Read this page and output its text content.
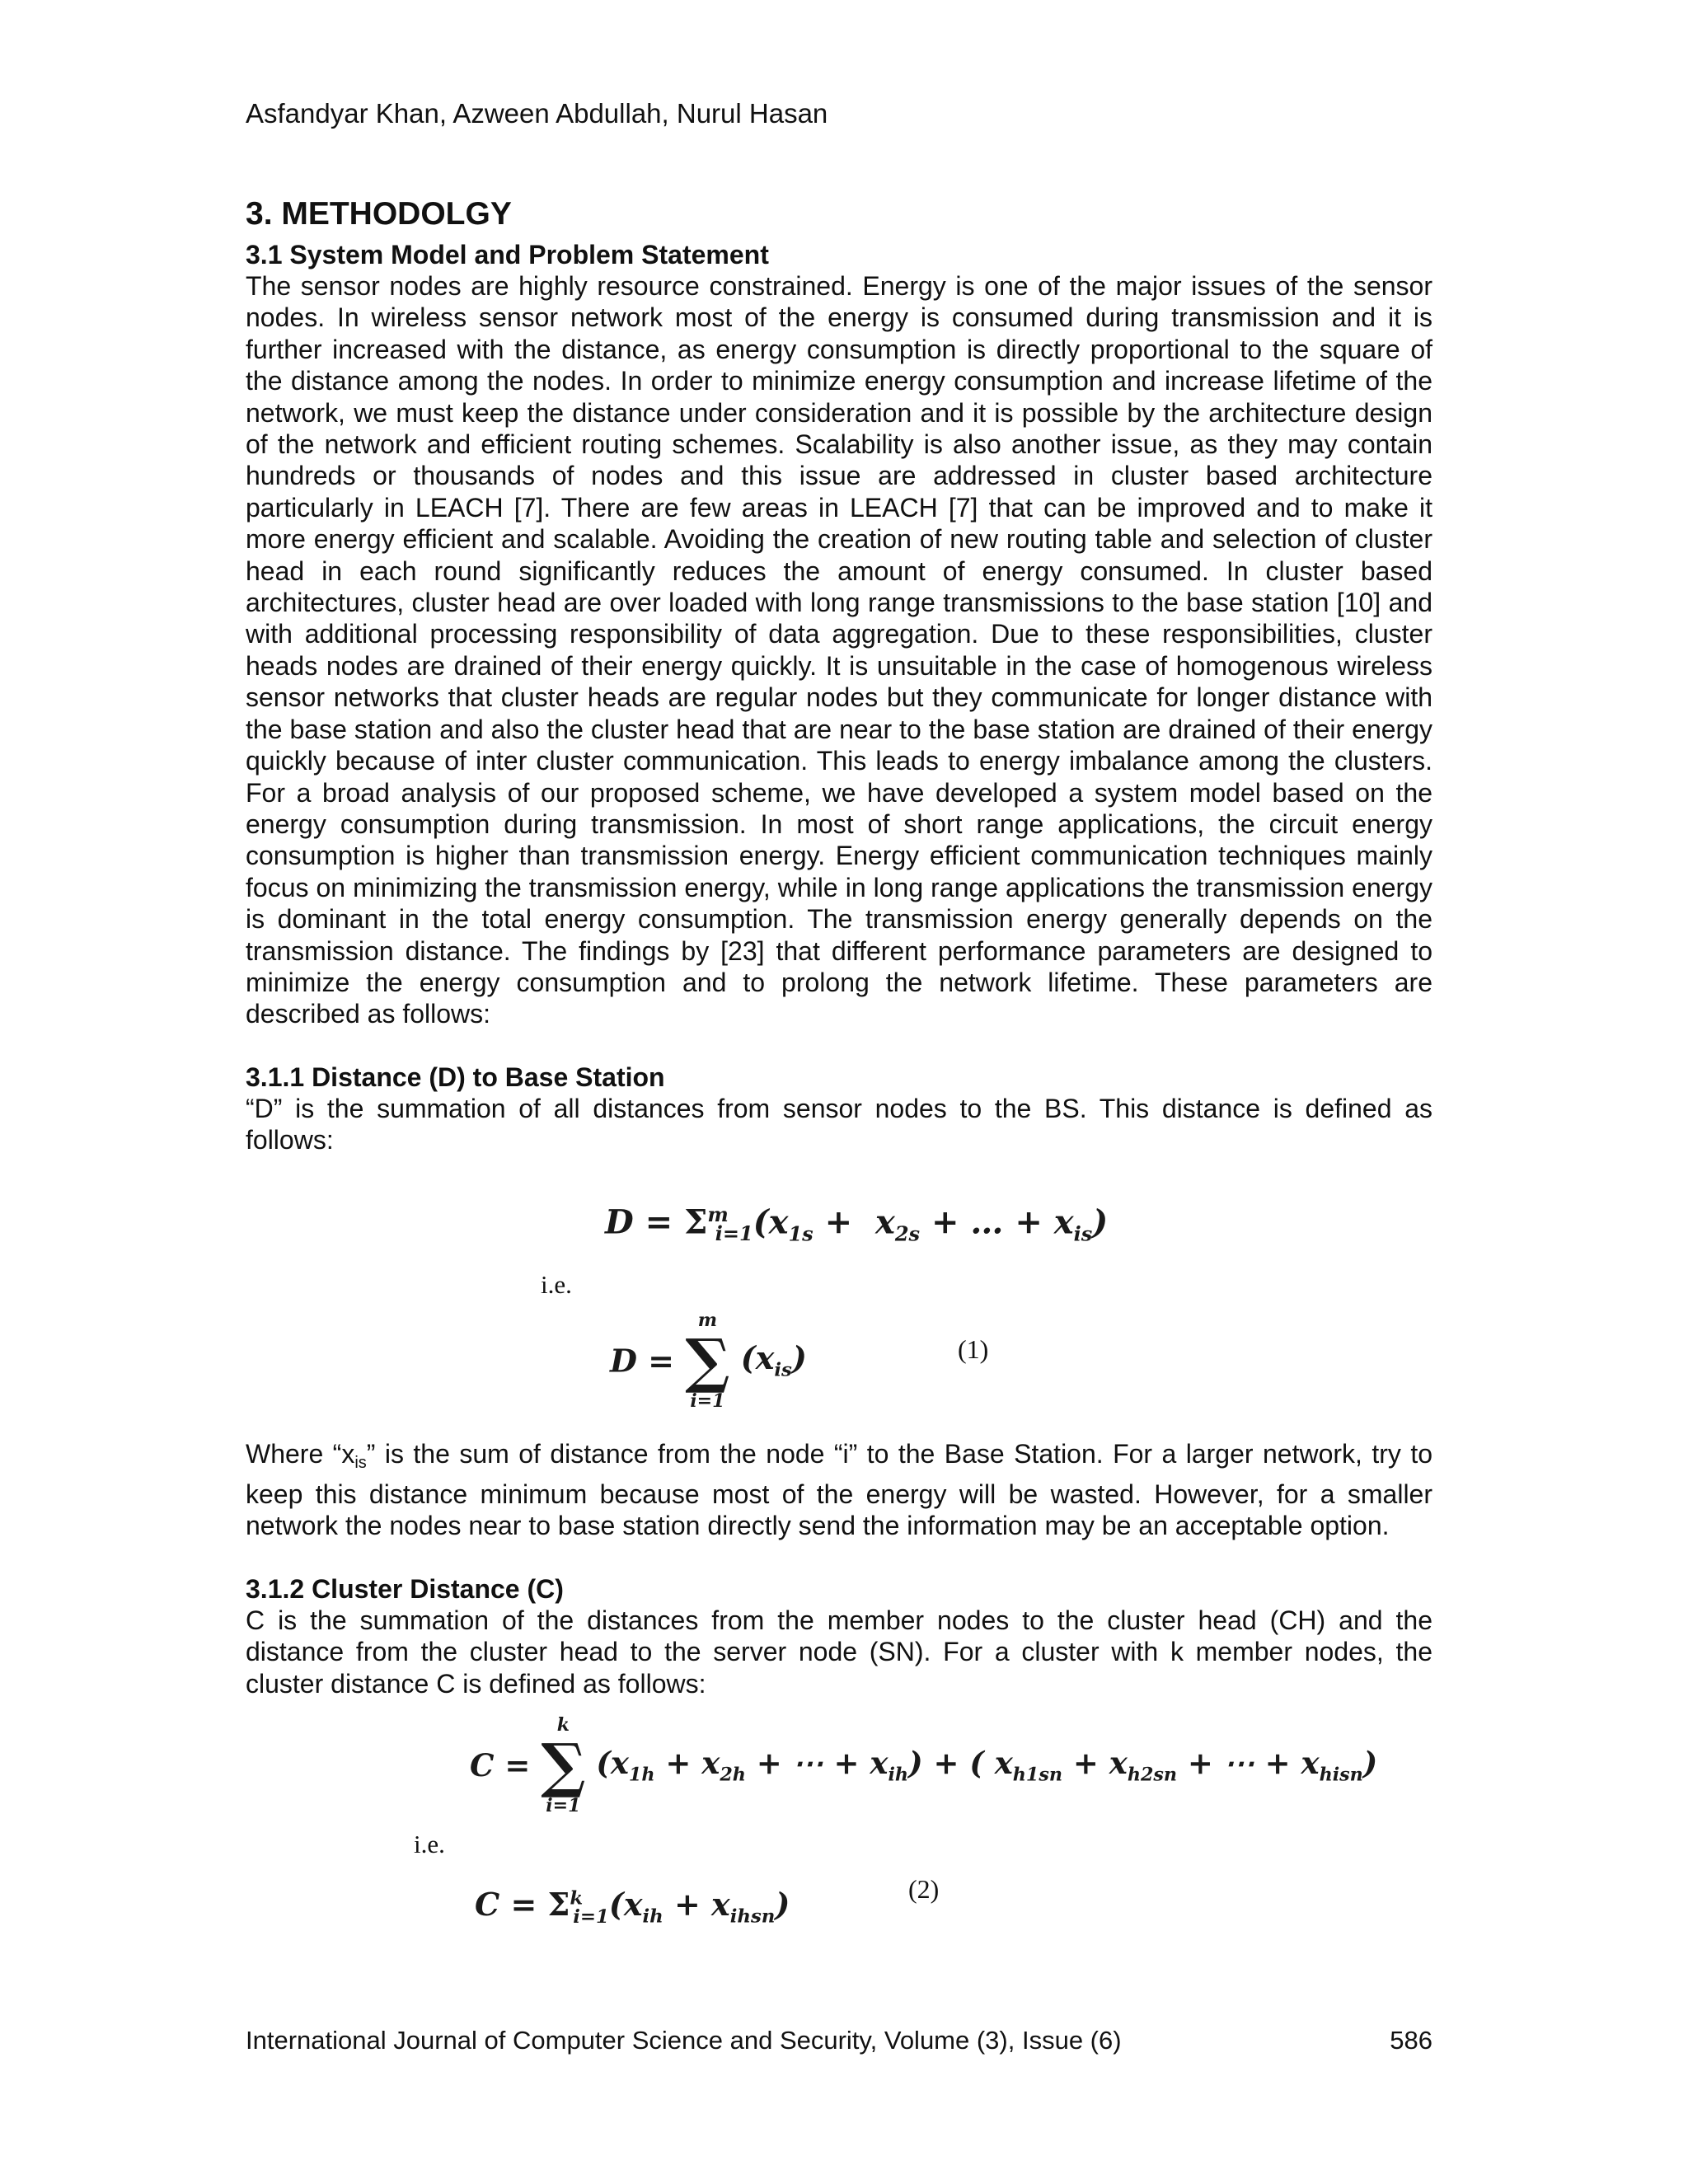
Asfandyar Khan, Azween Abdullah, Nurul Hasan
3. METHODOLGY
3.1 System Model and Problem Statement

The sensor nodes are highly resource constrained. Energy is one of the major issues of the sensor nodes. In wireless sensor network most of the energy is consumed during transmission and it is further increased with the distance, as energy consumption is directly proportional to the square of the distance among the nodes. In order to minimize energy consumption and increase lifetime of the network, we must keep the distance under consideration and it is possible by the architecture design of the network and efficient routing schemes. Scalability is also another issue, as they may contain hundreds or thousands of nodes and this issue are addressed in cluster based architecture particularly in LEACH [7]. There are few areas in LEACH [7] that can be improved and to make it more energy efficient and scalable. Avoiding the creation of new routing table and selection of cluster head in each round significantly reduces the amount of energy consumed. In cluster based architectures, cluster head are over loaded with long range transmissions to the base station [10] and with additional processing responsibility of data aggregation. Due to these responsibilities, cluster heads nodes are drained of their energy quickly. It is unsuitable in the case of homogenous wireless sensor networks that cluster heads are regular nodes but they communicate for longer distance with the base station and also the cluster head that are near to the base station are drained of their energy quickly because of inter cluster communication. This leads to energy imbalance among the clusters. For a broad analysis of our proposed scheme, we have developed a system model based on the energy consumption during transmission. In most of short range applications, the circuit energy consumption is higher than transmission energy. Energy efficient communication techniques mainly focus on minimizing the transmission energy, while in long range applications the transmission energy is dominant in the total energy consumption. The transmission energy generally depends on the transmission distance. The findings by [23] that different performance parameters are designed to minimize the energy consumption and to prolong the network lifetime. These parameters are described as follows:

3.1.1 Distance (D) to Base Station

“D” is the summation of all distances from sensor nodes to the BS. This distance is defined as follows:

$D = \Sigma^m_{i=1}(x_{1s} + x_{2s}$ + … + $x_{is}$)
i.e.
D =
m
∑
i=1
$(x_{is})$	(1)

Where “$x_{is}$” is the sum of distance from the node “i” to the Base Station. For a larger network, try to keep this distance minimum because most of the energy will be wasted. However, for a smaller network the nodes near to base station directly send the information may be an acceptable option.

3.1.2 Cluster Distance (C)

C is the summation of the distances from the member nodes to the cluster head (CH) and the distance from the cluster head to the server node (SN). For a cluster with k member nodes, the cluster distance C is defined as follows:

C =
k
∑
i=1
($x_{1h} + x_{2h}$ + ⋯ + $x_{ih}$) + ( $x_{h1sn} + x_{h2sn}$ + ⋯ + $x_{hisn}$)
i.e.
$C = \Sigma^k_{i=1}(x_{ih} + x_{ihsn})$	(2)
International Journal of Computer Science and Security, Volume (3), Issue (6)	586
